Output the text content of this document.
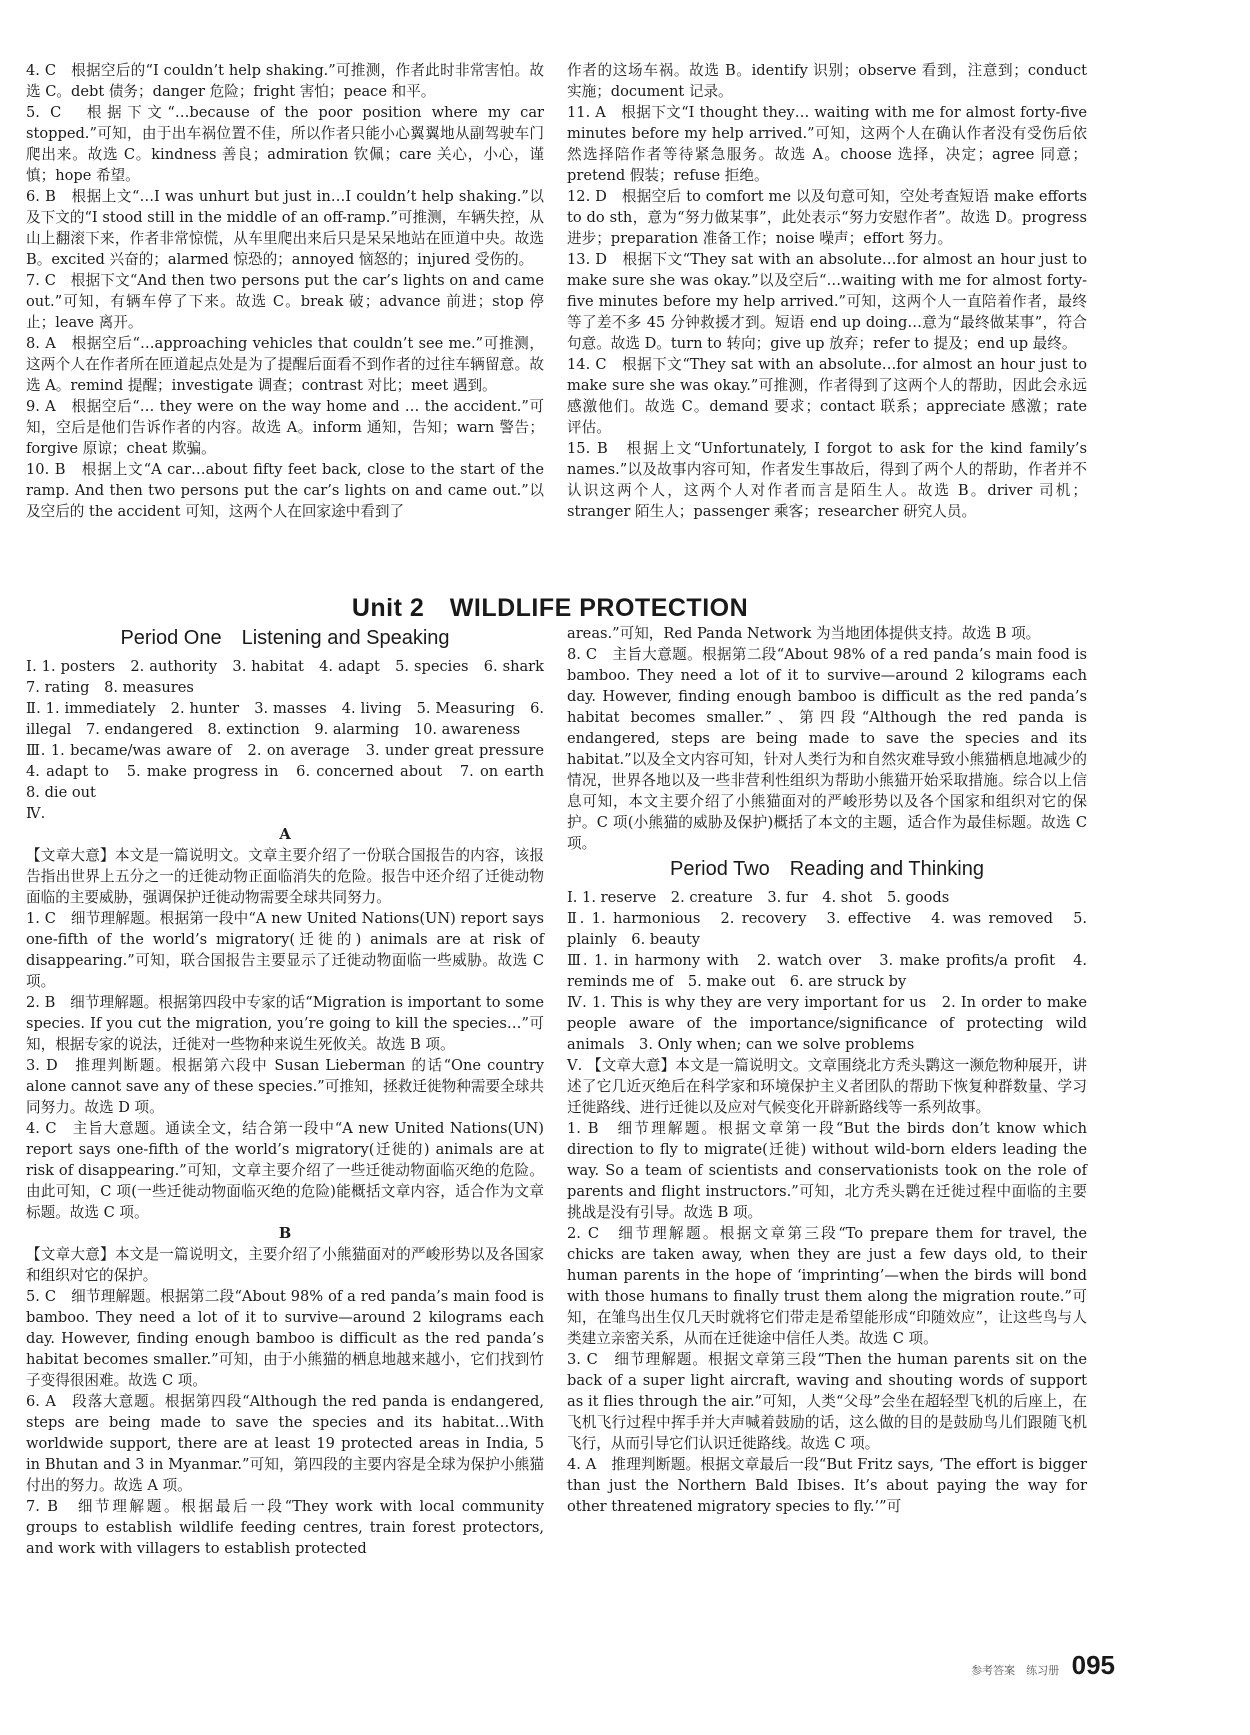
4. C　根据空后的“I couldn’t help shaking.”可推测，作者此时非常害怕。故选 C。debt 债务；danger 危险；fright 害怕；peace 和平。

5. C　根据下文“…because of the poor position where my car stopped.”可知，由于出车祸位置不佳，所以作者只能小心翼翼地从副驾驶车门爬出来。故选 C。kindness 善良；admiration 钦佩；care 关心，小心，谨慎；hope 希望。

6. B　根据上文“…I was unhurt but just in…I couldn’t help shaking.”以及下文的“I stood still in the middle of an off-ramp.”可推测，车辆失控，从山上翻滚下来，作者非常惊慌，从车里爬出来后只是呆呆地站在匝道中央。故选 B。excited 兴奋的；alarmed 惊恐的；annoyed 恼怒的；injured 受伤的。

7. C　根据下文“And then two persons put the car’s lights on and came out.”可知，有辆车停了下来。故选 C。break 破；advance 前进；stop 停止；leave 离开。

8. A　根据空后“…approaching vehicles that couldn’t see me.”可推测，这两个人在作者所在匝道起点处是为了提醒后面看不到作者的过往车辆留意。故选 A。remind 提醒；investigate 调查；contrast 对比；meet 遇到。

9. A　根据空后“… they were on the way home and … the accident.”可知，空后是他们告诉作者的内容。故选 A。inform 通知，告知；warn 警告；forgive 原谅；cheat 欺骗。

10. B　根据上文“A car…about fifty feet back, close to the start of the ramp. And then two persons put the car’s lights on and came out.”以及空后的 the accident 可知，这两个人在回家途中看到了

作者的这场车祸。故选 B。identify 识别；observe 看到，注意到；conduct 实施；document 记录。

11. A　根据下文“I thought they… waiting with me for almost forty-five minutes before my help arrived.”可知，这两个人在确认作者没有受伤后依然选择陪作者等待紧急服务。故选 A。choose 选择，决定；agree 同意；pretend 假装；refuse 拒绝。

12. D　根据空后 to comfort me 以及句意可知，空处考查短语 make efforts to do sth，意为“努力做某事”，此处表示“努力安慰作者”。故选 D。progress 进步；preparation 准备工作；noise 噪声；effort 努力。

13. D　根据下文“They sat with an absolute…for almost an hour just to make sure she was okay.”以及空后“…waiting with me for almost forty-five minutes before my help arrived.”可知，这两个人一直陪着作者，最终等了差不多 45 分钟救援才到。短语 end up doing…意为“最终做某事”，符合句意。故选 D。turn to 转向；give up 放弃；refer to 提及；end up 最终。

14. C　根据下文“They sat with an absolute…for almost an hour just to make sure she was okay.”可推测，作者得到了这两个人的帮助，因此会永远感激他们。故选 C。demand 要求；contact 联系；appreciate 感激；rate 评估。

15. B　根据上文“Unfortunately, I forgot to ask for the kind family’s names.”以及故事内容可知，作者发生事故后，得到了两个人的帮助，作者并不认识这两个人，这两个人对作者而言是陌生人。故选 B。driver 司机；stranger 陌生人；passenger 乘客；researcher 研究人员。

Unit 2　WILDLIFE PROTECTION
Period One　Listening and Speaking

Ⅰ. 1. posters　2. authority　3. habitat　4. adapt　5. species　6. shark　7. rating　8. measures

Ⅱ. 1. immediately　2. hunter　3. masses　4. living　5. Measuring　6. illegal　7. endangered　8. extinction　9. alarming　10. awareness

Ⅲ. 1. became/was aware of　2. on average　3. under great pressure　4. adapt to　5. make progress in　6. concerned about　7. on earth　8. die out

Ⅳ.

A

【文章大意】本文是一篇说明文。文章主要介绍了一份联合国报告的内容，该报告指出世界上五分之一的迁徙动物正面临消失的危险。报告中还介绍了迁徙动物面临的主要威胁，强调保护迁徙动物需要全球共同努力。

1. C　细节理解题。根据第一段中“A new United Nations(UN) report says one-fifth of the world’s migratory(迁徙的) animals are at risk of disappearing.”可知，联合国报告主要显示了迁徙动物面临一些威胁。故选 C 项。

2. B　细节理解题。根据第四段中专家的话“Migration is important to some species. If you cut the migration, you’re going to kill the species…”可知，根据专家的说法，迁徙对一些物种来说生死攸关。故选 B 项。

3. D　推理判断题。根据第六段中 Susan Lieberman 的话“One country alone cannot save any of these species.”可推知，拯救迁徙物种需要全球共同努力。故选 D 项。

4. C　主旨大意题。通读全文，结合第一段中“A new United Nations(UN) report says one-fifth of the world’s migratory(迁徙的) animals are at risk of disappearing.”可知，文章主要介绍了一些迁徙动物面临灭绝的危险。由此可知，C 项(一些迁徙动物面临灭绝的危险)能概括文章内容，适合作为文章标题。故选 C 项。

B

【文章大意】本文是一篇说明文，主要介绍了小熊猫面对的严峻形势以及各国家和组织对它的保护。

5. C　细节理解题。根据第二段“About 98% of a red panda’s main food is bamboo. They need a lot of it to survive—around 2 kilograms each day. However, finding enough bamboo is difficult as the red panda’s habitat becomes smaller.”可知，由于小熊猫的栖息地越来越小，它们找到竹子变得很困难。故选 C 项。

6. A　段落大意题。根据第四段“Although the red panda is endangered, steps are being made to save the species and its habitat…With worldwide support, there are at least 19 protected areas in India, 5 in Bhutan and 3 in Myanmar.”可知，第四段的主要内容是全球为保护小熊猫付出的努力。故选 A 项。

7. B　细节理解题。根据最后一段“They work with local community groups to establish wildlife feeding centres, train forest protectors, and work with villagers to establish protected

areas.”可知，Red Panda Network 为当地团体提供支持。故选 B 项。

8. C　主旨大意题。根据第二段“About 98% of a red panda’s main food is bamboo. They need a lot of it to survive—around 2 kilograms each day. However, finding enough bamboo is difficult as the red panda’s habitat becomes smaller.”、第四段“Although the red panda is endangered, steps are being made to save the species and its habitat.”以及全文内容可知，针对人类行为和自然灾难导致小熊猫栖息地减少的情况，世界各地以及一些非营利性组织为帮助小熊猫开始采取措施。综合以上信息可知，本文主要介绍了小熊猫面对的严峻形势以及各个国家和组织对它的保护。C 项(小熊猫的威胁及保护)概括了本文的主题，适合作为最佳标题。故选 C 项。

Period Two　Reading and Thinking

Ⅰ. 1. reserve　2. creature　3. fur　4. shot　5. goods

Ⅱ. 1. harmonious　2. recovery　3. effective　4. was removed　5. plainly　6. beauty

Ⅲ. 1. in harmony with　2. watch over　3. make profits/a profit　4. reminds me of　5. make out　6. are struck by

Ⅳ. 1. This is why they are very important for us　2. In order to make people aware of the importance/significance of protecting wild animals　3. Only when; can we solve problems

Ⅴ. 【文章大意】本文是一篇说明文。文章围绕北方秃头鹮这一濒危物种展开，讲述了它几近灭绝后在科学家和环境保护主义者团队的帮助下恢复种群数量、学习迁徙路线、进行迁徙以及应对气候变化开辟新路线等一系列故事。

1. B　细节理解题。根据文章第一段“But the birds don’t know which direction to fly to migrate(迁徙) without wild-born elders leading the way. So a team of scientists and conservationists took on the role of parents and flight instructors.”可知，北方秃头鹮在迁徙过程中面临的主要挑战是没有引导。故选 B 项。

2. C　细节理解题。根据文章第三段“To prepare them for travel, the chicks are taken away, when they are just a few days old, to their human parents in the hope of ‘imprinting’—when the birds will bond with those humans to finally trust them along the migration route.”可知，在雏鸟出生仅几天时就将它们带走是希望能形成“印随效应”，让这些鸟与人类建立亲密关系，从而在迁徙途中信任人类。故选 C 项。

3. C　细节理解题。根据文章第三段“Then the human parents sit on the back of a super light aircraft, waving and shouting words of support as it flies through the air.”可知，人类“父母”会坐在超轻型飞机的后座上，在飞机飞行过程中挥手并大声喊着鼓励的话，这么做的目的是鼓励鸟儿们跟随飞机飞行，从而引导它们认识迁徙路线。故选 C 项。

4. A　推理判断题。根据文章最后一段“But Fritz says, ‘The effort is bigger than just the Northern Bald Ibises. It’s about paying the way for other threatened migratory species to fly.’”可

参考答案　练习册 095
